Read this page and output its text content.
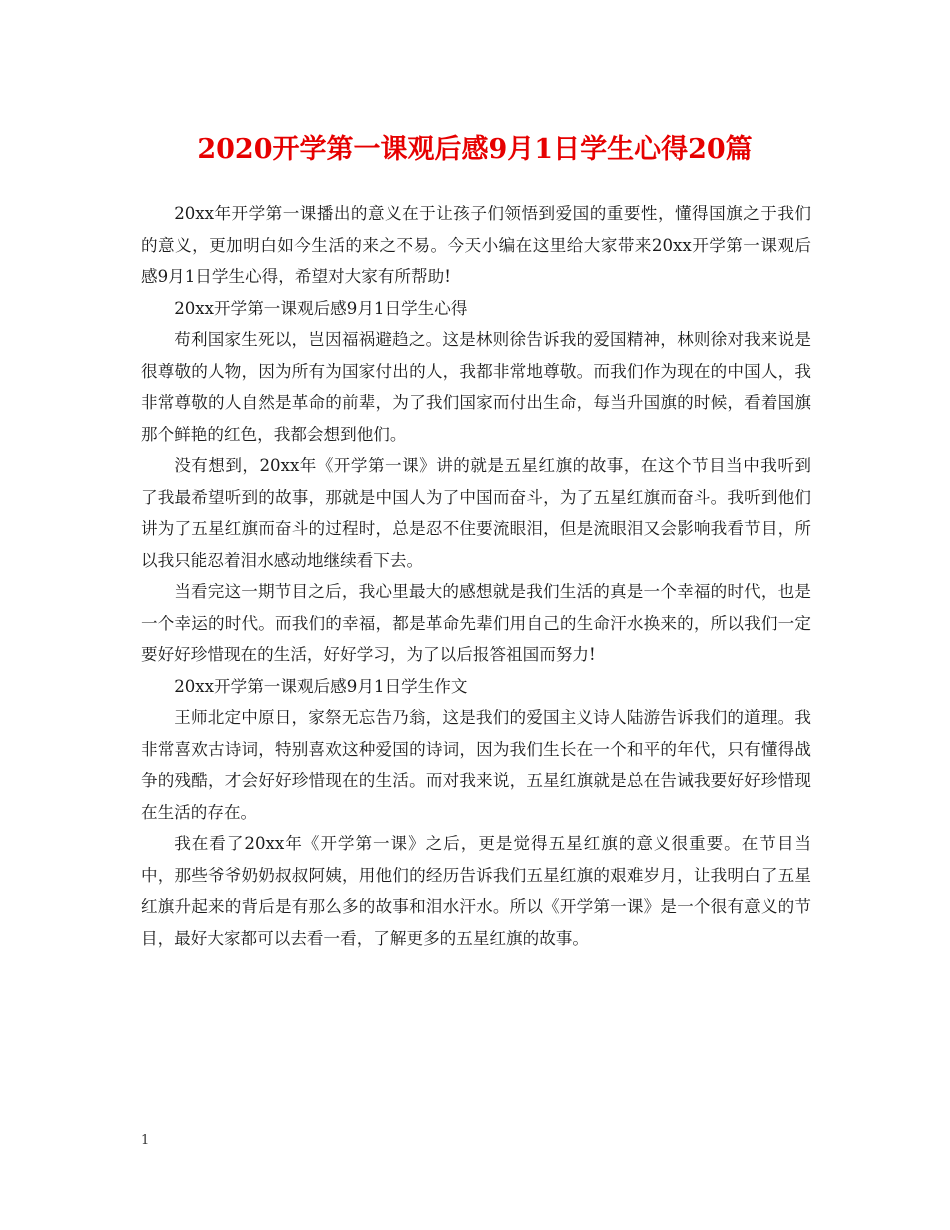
2020开学第一课观后感9月1日学生心得20篇

20xx年开学第一课播出的意义在于让孩子们领悟到爱国的重要性，懂得国旗之于我们的意义，更加明白如今生活的来之不易。今天小编在这里给大家带来20xx开学第一课观后感9月1日学生心得，希望对大家有所帮助!

20xx开学第一课观后感9月1日学生心得

苟利国家生死以，岂因福祸避趋之。这是林则徐告诉我的爱国精神，林则徐对我来说是很尊敬的人物，因为所有为国家付出的人，我都非常地尊敬。而我们作为现在的中国人，我非常尊敬的人自然是革命的前辈，为了我们国家而付出生命，每当升国旗的时候，看着国旗那个鲜艳的红色，我都会想到他们。

没有想到，20xx年《开学第一课》讲的就是五星红旗的故事，在这个节目当中我听到了我最希望听到的故事，那就是中国人为了中国而奋斗，为了五星红旗而奋斗。我听到他们讲为了五星红旗而奋斗的过程时，总是忍不住要流眼泪，但是流眼泪又会影响我看节目，所以我只能忍着泪水感动地继续看下去。

当看完这一期节目之后，我心里最大的感想就是我们生活的真是一个幸福的时代，也是一个幸运的时代。而我们的幸福，都是革命先辈们用自己的生命汗水换来的，所以我们一定要好好珍惜现在的生活，好好学习，为了以后报答祖国而努力!

20xx开学第一课观后感9月1日学生作文

王师北定中原日，家祭无忘告乃翁，这是我们的爱国主义诗人陆游告诉我们的道理。我非常喜欢古诗词，特别喜欢这种爱国的诗词，因为我们生长在一个和平的年代，只有懂得战争的残酷，才会好好珍惜现在的生活。而对我来说，五星红旗就是总在告诫我要好好珍惜现在生活的存在。

我在看了20xx年《开学第一课》之后，更是觉得五星红旗的意义很重要。在节目当中，那些爷爷奶奶叔叔阿姨，用他们的经历告诉我们五星红旗的艰难岁月，让我明白了五星红旗升起来的背后是有那么多的故事和泪水汗水。所以《开学第一课》是一个很有意义的节目，最好大家都可以去看一看，了解更多的五星红旗的故事。

1
